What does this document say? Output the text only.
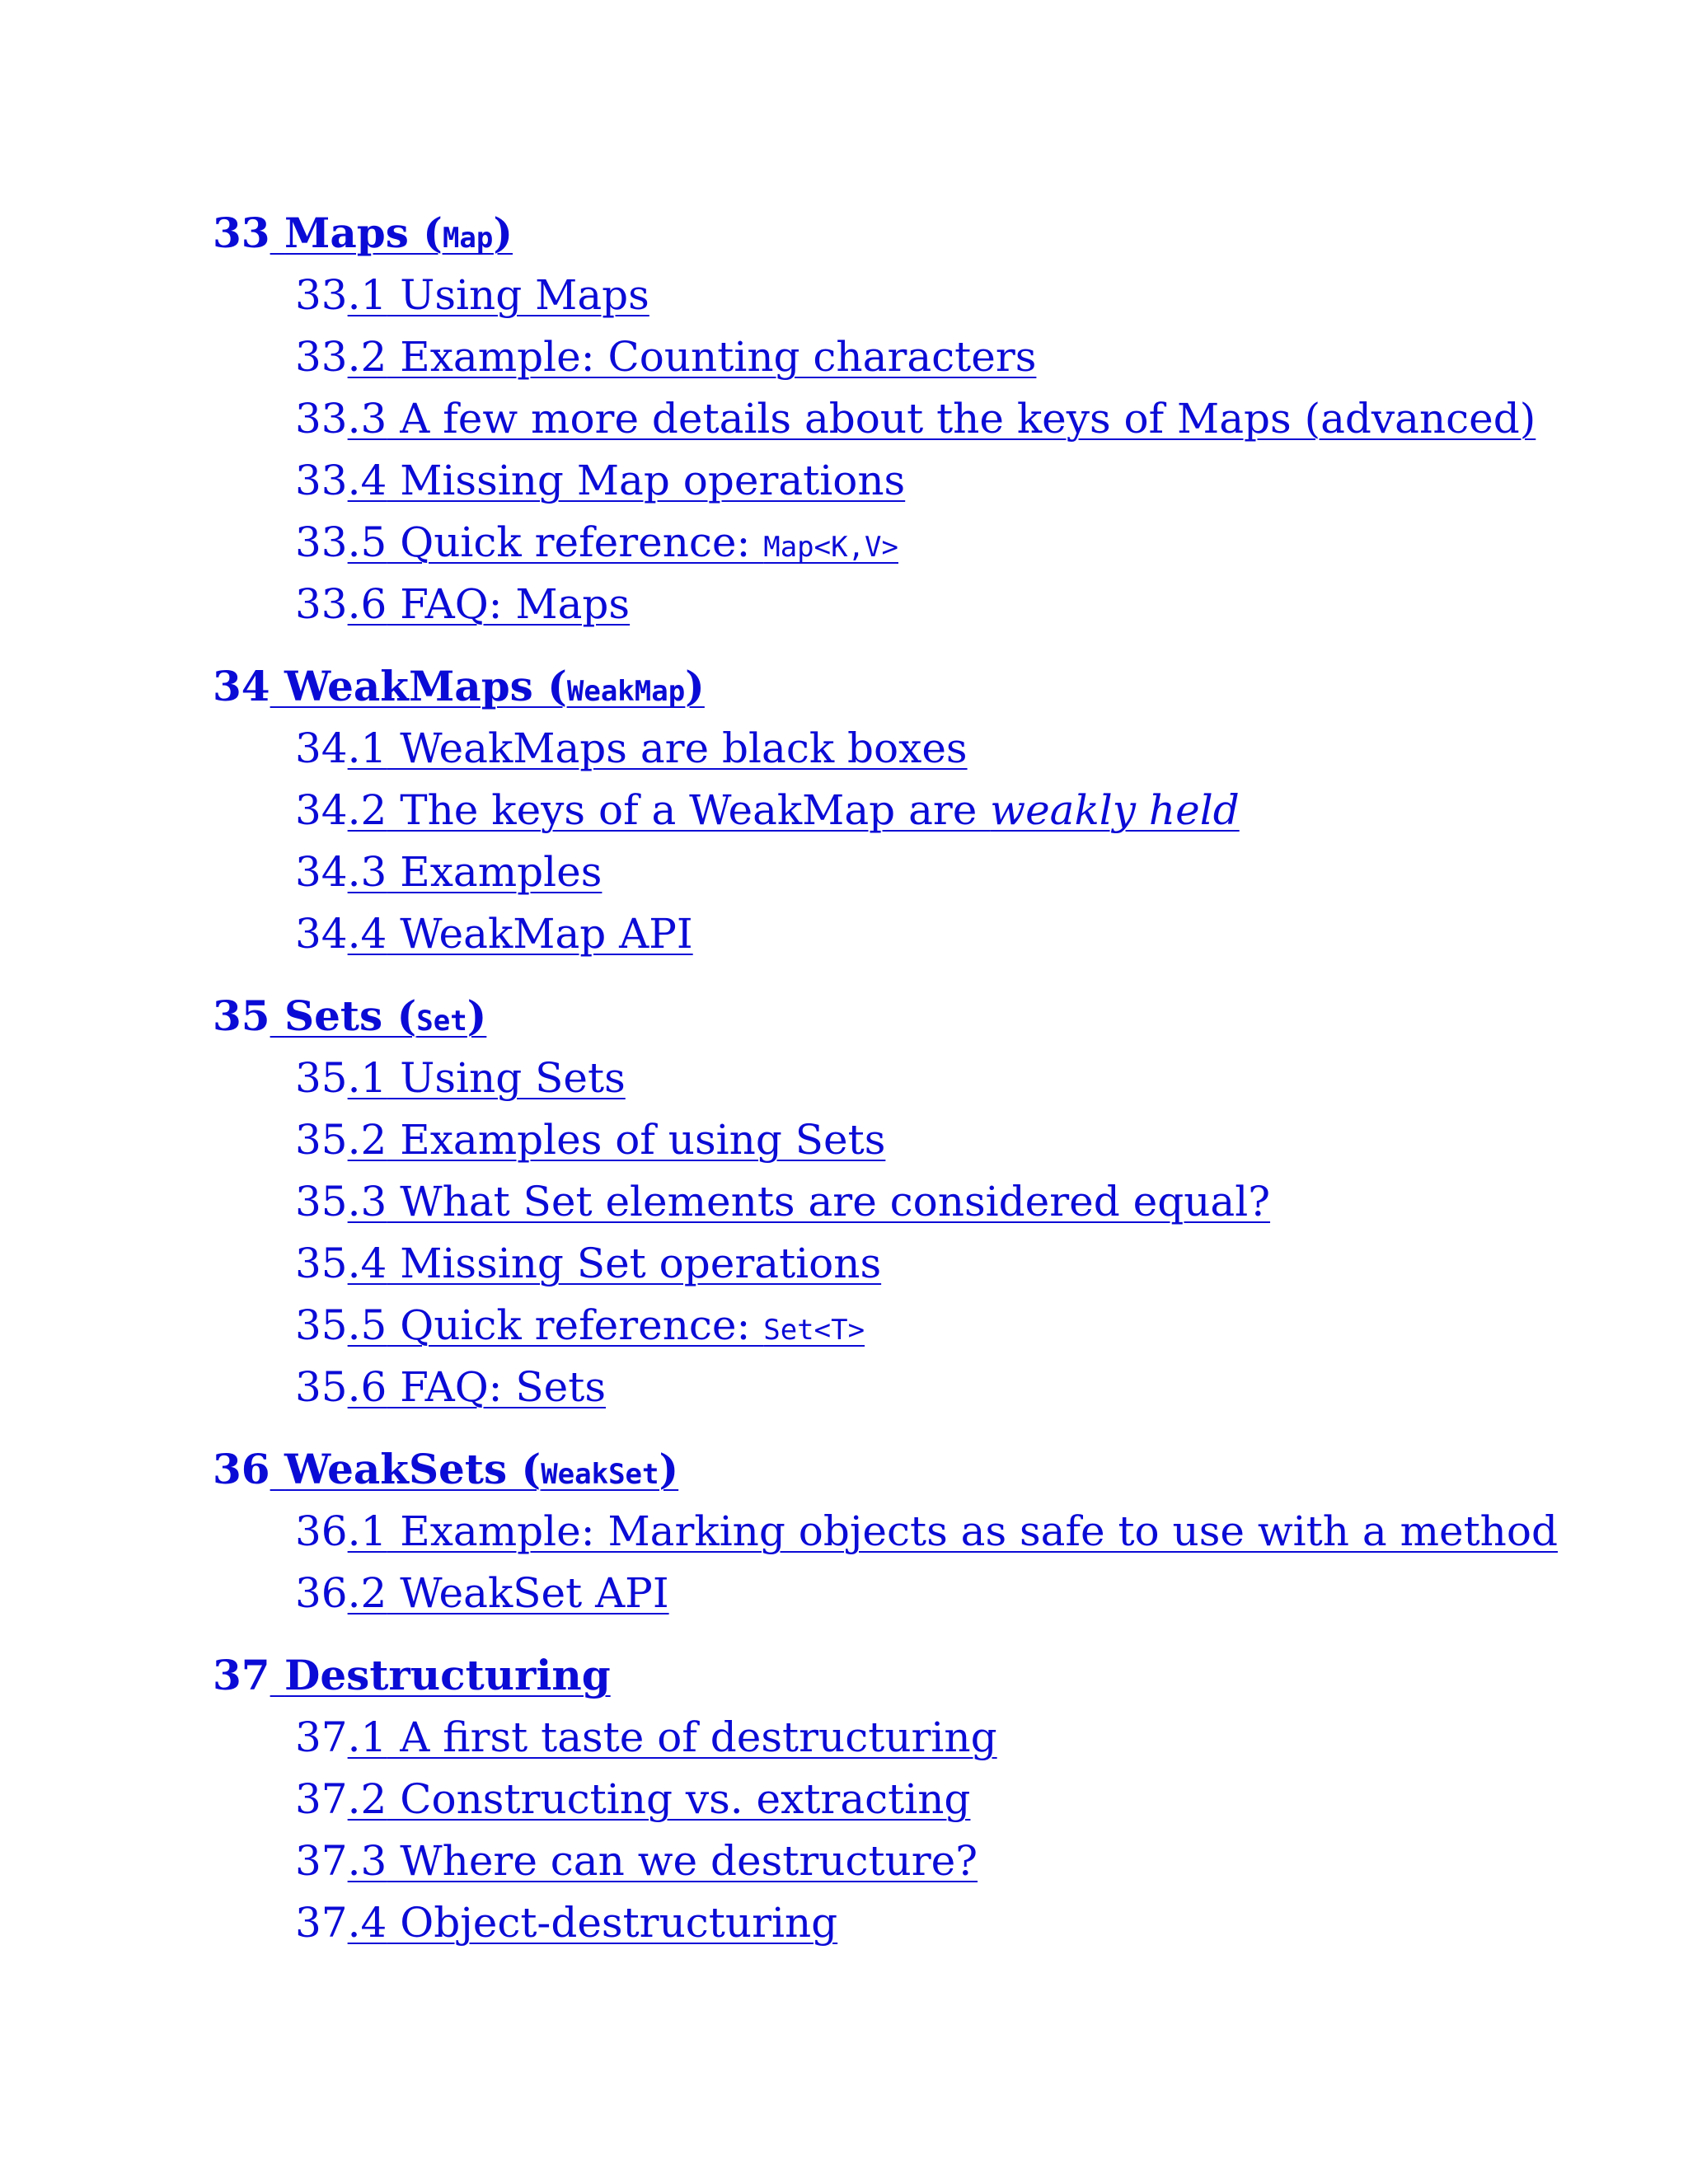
33 Maps (Map)
33.1 Using Maps
33.2 Example: Counting characters
33.3 A few more details about the keys of Maps (advanced)
33.4 Missing Map operations
33.5 Quick reference: Map<K,V>
33.6 FAQ: Maps
34 WeakMaps (WeakMap)
34.1 WeakMaps are black boxes
34.2 The keys of a WeakMap are weakly held
34.3 Examples
34.4 WeakMap API
35 Sets (Set)
35.1 Using Sets
35.2 Examples of using Sets
35.3 What Set elements are considered equal?
35.4 Missing Set operations
35.5 Quick reference: Set<T>
35.6 FAQ: Sets
36 WeakSets (WeakSet)
36.1 Example: Marking objects as safe to use with a method
36.2 WeakSet API
37 Destructuring
37.1 A first taste of destructuring
37.2 Constructing vs. extracting
37.3 Where can we destructure?
37.4 Object-destructuring
